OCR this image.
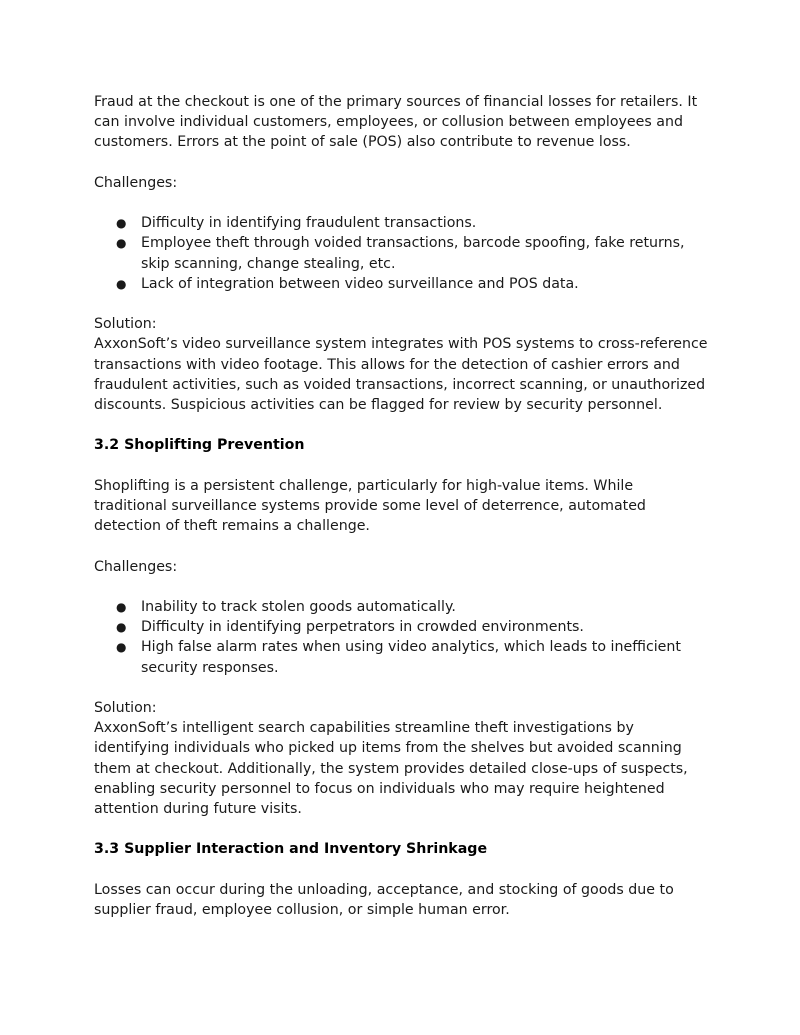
Fraud at the checkout is one of the primary sources of financial losses for retailers. It can involve individual customers, employees, or collusion between employees and customers. Errors at the point of sale (POS) also contribute to revenue loss.

Challenges:

● Difficulty in identifying fraudulent transactions.
● Employee theft through voided transactions, barcode spoofing, fake returns, skip scanning, change stealing, etc.
● Lack of integration between video surveillance and POS data.

Solution:

AxxonSoft’s video surveillance system integrates with POS systems to cross-reference transactions with video footage. This allows for the detection of cashier errors and fraudulent activities, such as voided transactions, incorrect scanning, or unauthorized discounts. Suspicious activities can be flagged for review by security personnel.

3.2 Shoplifting Prevention

Shoplifting is a persistent challenge, particularly for high-value items. While traditional surveillance systems provide some level of deterrence, automated detection of theft remains a challenge.

Challenges:

● Inability to track stolen goods automatically.
● Difficulty in identifying perpetrators in crowded environments.
● High false alarm rates when using video analytics, which leads to inefficient security responses.

Solution:

AxxonSoft’s intelligent search capabilities streamline theft investigations by identifying individuals who picked up items from the shelves but avoided scanning them at checkout. Additionally, the system provides detailed close-ups of suspects, enabling security personnel to focus on individuals who may require heightened attention during future visits.

3.3 Supplier Interaction and Inventory Shrinkage

Losses can occur during the unloading, acceptance, and stocking of goods due to supplier fraud, employee collusion, or simple human error.
